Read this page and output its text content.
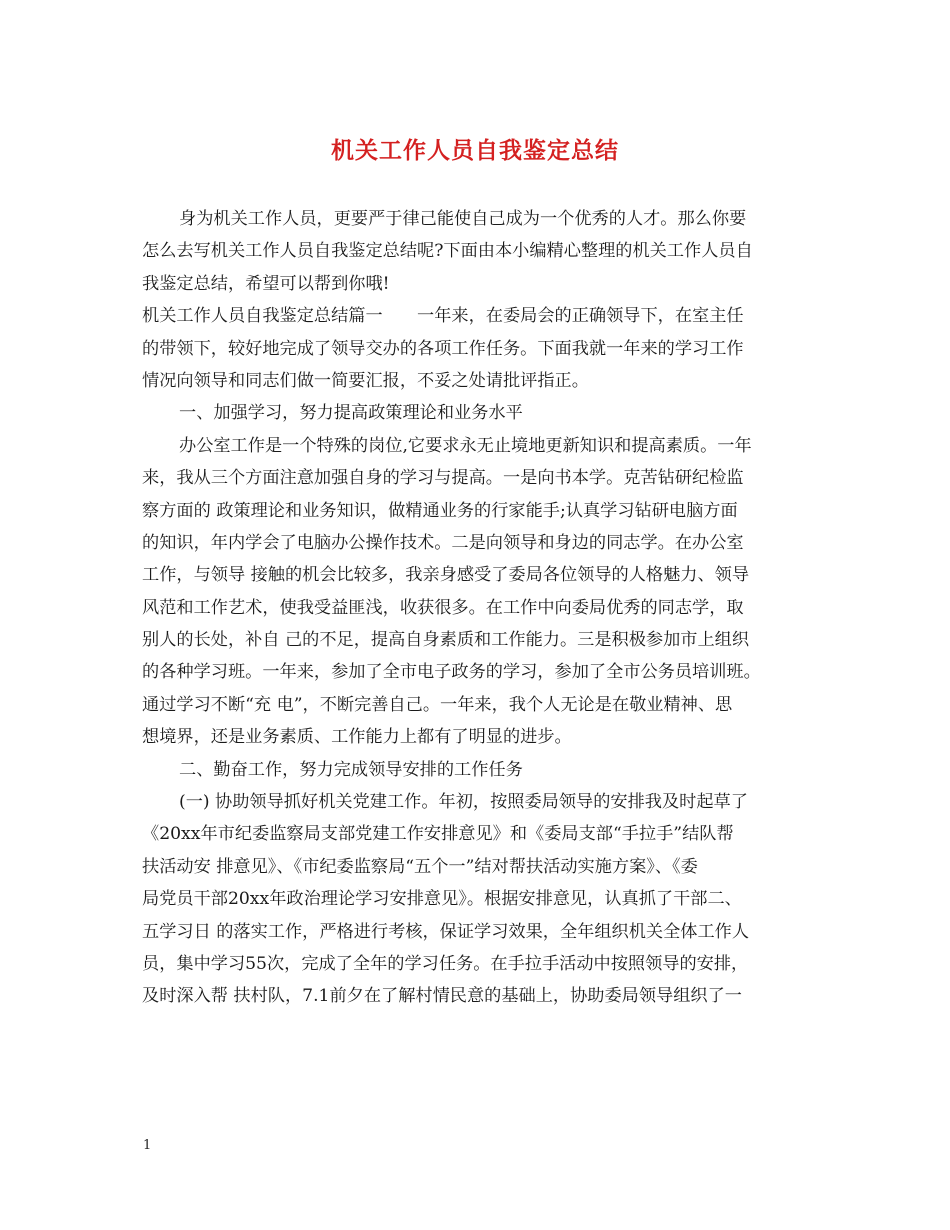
机关工作人员自我鉴定总结
身为机关工作人员，更要严于律己能使自己成为一个优秀的人才。那么你要
怎么去写机关工作人员自我鉴定总结呢?下面由本小编精心整理的机关工作人员自
我鉴定总结，希望可以帮到你哦!
机关工作人员自我鉴定总结篇一　　一年来，在委局会的正确领导下，在室主任
的带领下，较好地完成了领导交办的各项工作任务。下面我就一年来的学习工作
情况向领导和同志们做一简要汇报，不妥之处请批评指正。
一、加强学习，努力提高政策理论和业务水平
办公室工作是一个特殊的岗位,它要求永无止境地更新知识和提高素质。一年
来，我从三个方面注意加强自身的学习与提高。一是向书本学。克苦钻研纪检监
察方面的 政策理论和业务知识，做精通业务的行家能手;认真学习钻研电脑方面
的知识，年内学会了电脑办公操作技术。二是向领导和身边的同志学。在办公室
工作，与领导 接触的机会比较多，我亲身感受了委局各位领导的人格魅力、领导
风范和工作艺术，使我受益匪浅，收获很多。在工作中向委局优秀的同志学，取
别人的长处，补自 己的不足，提高自身素质和工作能力。三是积极参加市上组织
的各种学习班。一年来，参加了全市电子政务的学习，参加了全市公务员培训班。
通过学习不断“充 电”，不断完善自己。一年来，我个人无论是在敬业精神、思
想境界，还是业务素质、工作能力上都有了明显的进步。
二、勤奋工作，努力完成领导安排的工作任务
(一) 协助领导抓好机关党建工作。年初，按照委局领导的安排我及时起草了
《20xx年市纪委监察局支部党建工作安排意见》和《委局支部“手拉手”结队帮
扶活动安 排意见》、《市纪委监察局“五个一”结对帮扶活动实施方案》、《委
局党员干部20xx年政治理论学习安排意见》。根据安排意见，认真抓了干部二、
五学习日 的落实工作，严格进行考核，保证学习效果，全年组织机关全体工作人
员，集中学习55次，完成了全年的学习任务。在手拉手活动中按照领导的安排，
及时深入帮 扶村队，7.1前夕在了解村情民意的基础上，协助委局领导组织了一
1
